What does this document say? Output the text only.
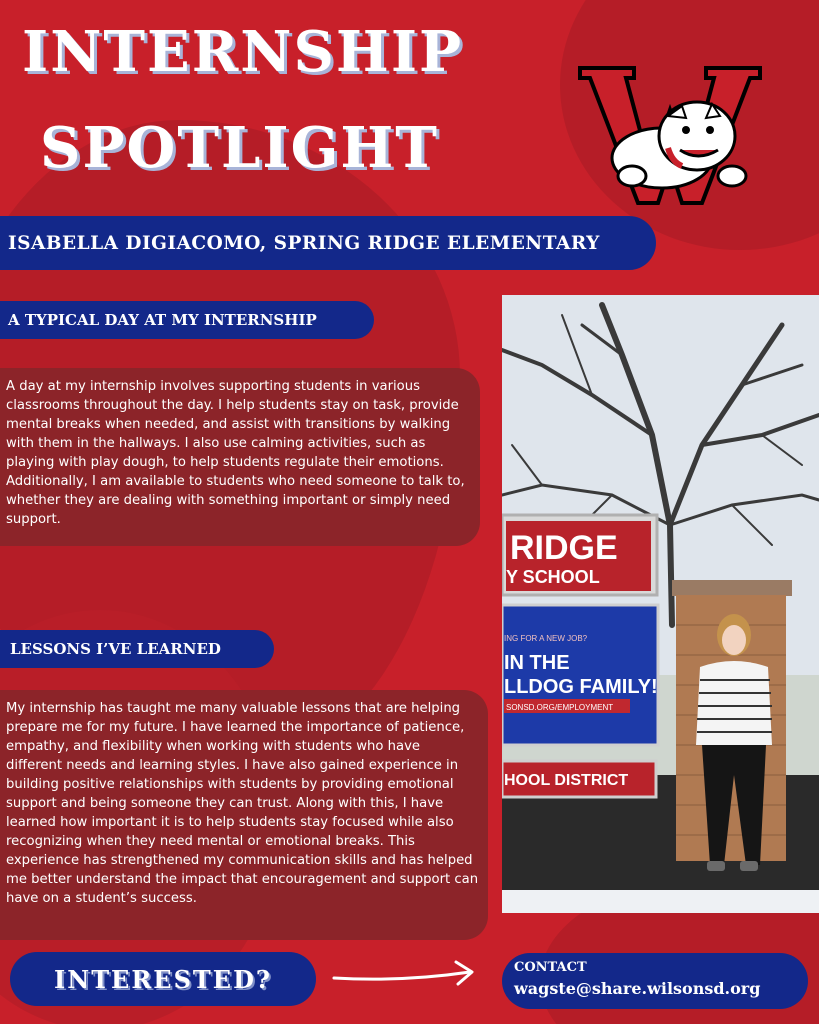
INTERNSHIP
SPOTLIGHT
ISABELLA DIGIACOMO, SPRING RIDGE ELEMENTARY
A TYPICAL DAY AT MY INTERNSHIP
A day at my internship involves supporting students in various classrooms throughout the day. I help students stay on task, provide mental breaks when needed, and assist with transitions by walking with them in the hallways. I also use calming activities, such as playing with play dough, to help students regulate their emotions. Additionally, I am available to students who need someone to talk to, whether they are dealing with something important or simply need support.
LESSONS I’VE LEARNED
My internship has taught me many valuable lessons that are helping prepare me for my future. I have learned the importance of patience, empathy, and flexibility when working with students who have different needs and learning styles. I have also gained experience in building positive relationships with students by providing emotional support and being someone they can trust. Along with this, I have learned how important it is to help students stay focused while also recognizing when they need mental or emotional breaks. This experience has strengthened my communication skills and has helped me better understand the impact that encouragement and support can have on a student’s success.
RIDGE
Y SCHOOL
ING FOR A NEW JOB?
IN THE
LLDOG FAMILY!
SONSD.ORG/EMPLOYMENT
HOOL DISTRICT
INTERESTED?	CONTACT
wagste@share.wilsonsd.org
